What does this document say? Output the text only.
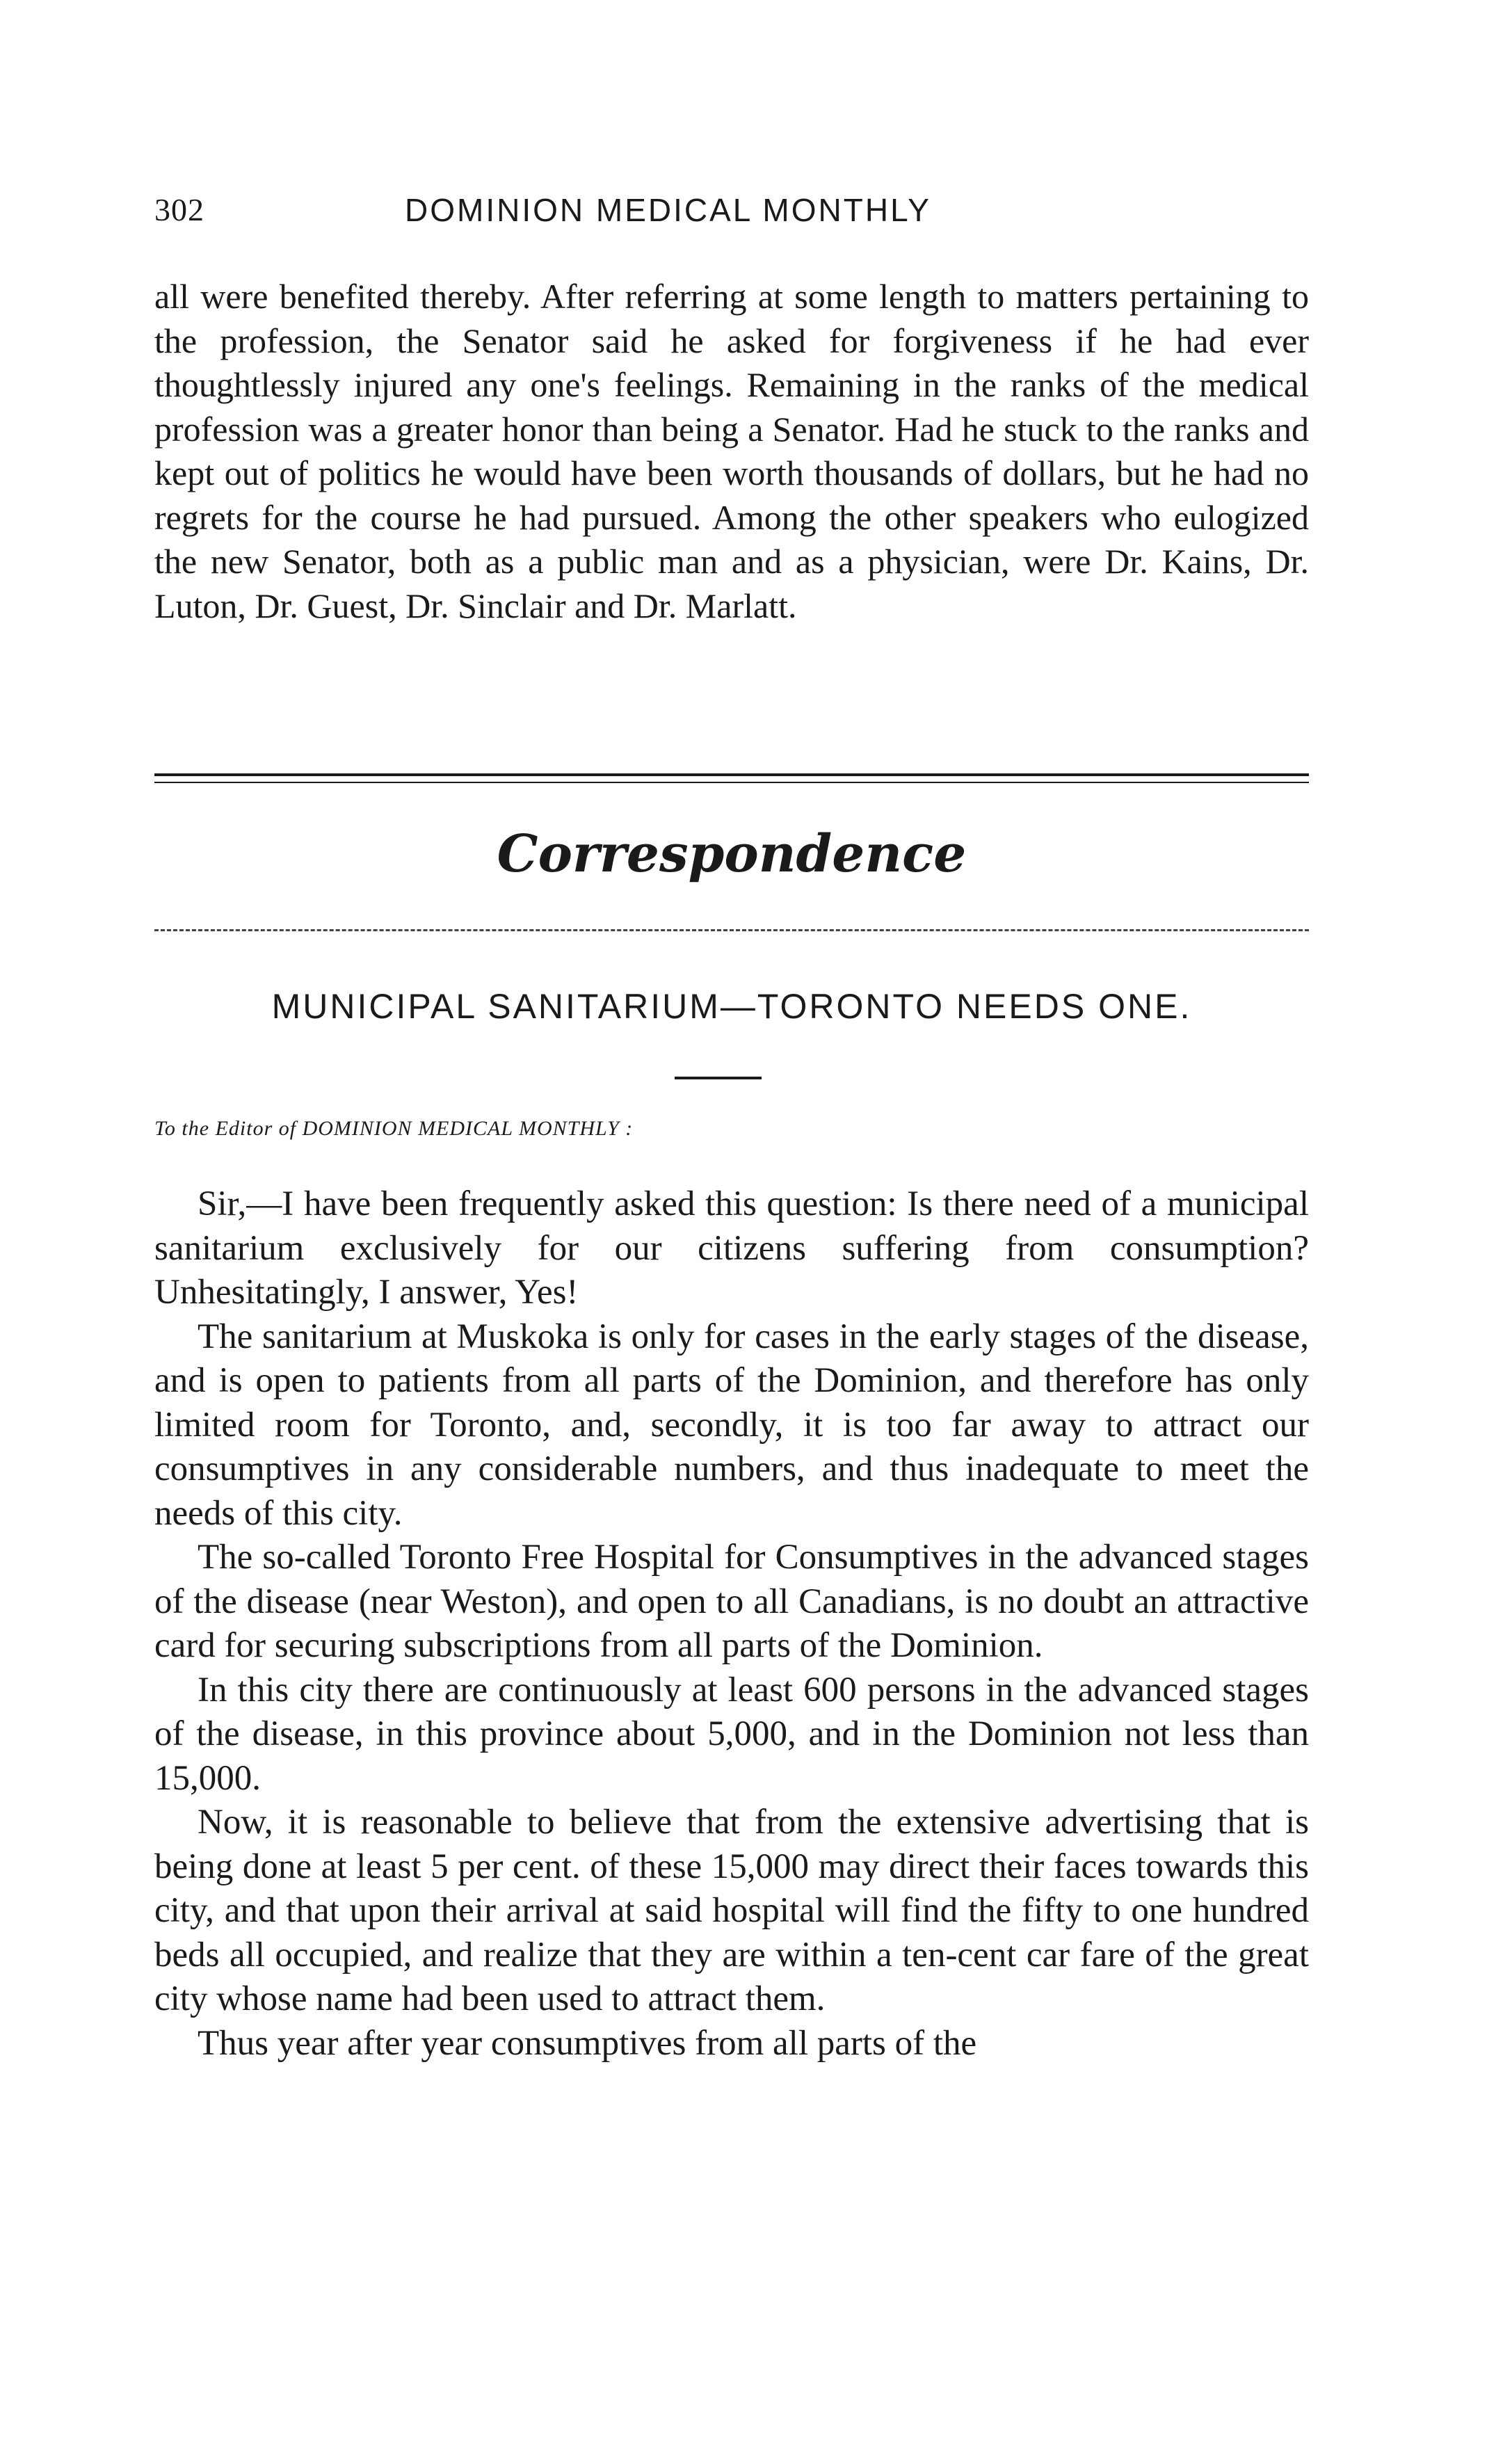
302	DOMINION MEDICAL MONTHLY
all were benefited thereby. After referring at some length to matters pertaining to the profession, the Senator said he asked for forgiveness if he had ever thoughtlessly injured any one's feelings. Remaining in the ranks of the medical profession was a greater honor than being a Senator. Had he stuck to the ranks and kept out of politics he would have been worth thousands of dollars, but he had no regrets for the course he had pursued. Among the other speakers who eulogized the new Senator, both as a public man and as a physician, were Dr. Kains, Dr. Luton, Dr. Guest, Dr. Sinclair and Dr. Marlatt.
Correspondence
MUNICIPAL SANITARIUM—TORONTO NEEDS ONE.
To the Editor of DOMINION MEDICAL MONTHLY :

Sir,—I have been frequently asked this question: Is there need of a municipal sanitarium exclusively for our citizens suffering from consumption? Unhesitatingly, I answer, Yes!

The sanitarium at Muskoka is only for cases in the early stages of the disease, and is open to patients from all parts of the Dominion, and therefore has only limited room for Toronto, and, secondly, it is too far away to attract our consumptives in any considerable numbers, and thus inadequate to meet the needs of this city.

The so-called Toronto Free Hospital for Consumptives in the advanced stages of the disease (near Weston), and open to all Canadians, is no doubt an attractive card for securing subscriptions from all parts of the Dominion.

In this city there are continuously at least 600 persons in the advanced stages of the disease, in this province about 5,000, and in the Dominion not less than 15,000.

Now, it is reasonable to believe that from the extensive advertising that is being done at least 5 per cent. of these 15,000 may direct their faces towards this city, and that upon their arrival at said hospital will find the fifty to one hundred beds all occupied, and realize that they are within a ten-cent car fare of the great city whose name had been used to attract them.

Thus year after year consumptives from all parts of the
